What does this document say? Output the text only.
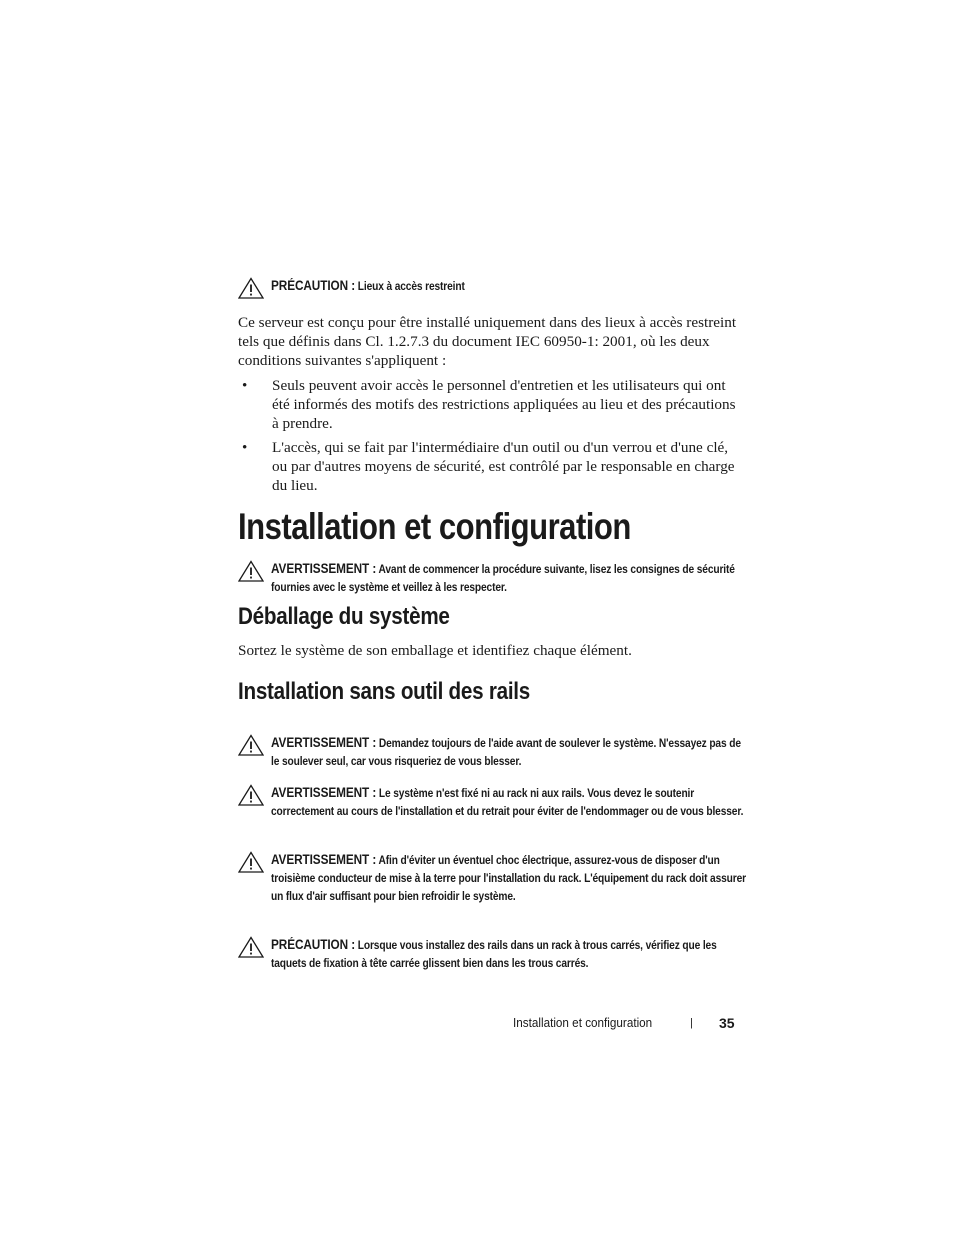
PRÉCAUTION : Lieux à accès restreint
Ce serveur est conçu pour être installé uniquement dans des lieux à accès restreint tels que définis dans Cl. 1.2.7.3 du document IEC 60950-1: 2001, où les deux conditions suivantes s'appliquent :
• Seuls peuvent avoir accès le personnel d'entretien et les utilisateurs qui ont été informés des motifs des restrictions appliquées au lieu et des précautions à prendre.
• L'accès, qui se fait par l'intermédiaire d'un outil ou d'un verrou et d'une clé, ou par d'autres moyens de sécurité, est contrôlé par le responsable en charge du lieu.
Installation et configuration
AVERTISSEMENT : Avant de commencer la procédure suivante, lisez les consignes de sécurité fournies avec le système et veillez à les respecter.
Déballage du système
Sortez le système de son emballage et identifiez chaque élément.
Installation sans outil des rails
AVERTISSEMENT : Demandez toujours de l'aide avant de soulever le système. N'essayez pas de le soulever seul, car vous risqueriez de vous blesser.
AVERTISSEMENT : Le système n'est fixé ni au rack ni aux rails. Vous devez le soutenir correctement au cours de l'installation et du retrait pour éviter de l'endommager ou de vous blesser.
AVERTISSEMENT : Afin d'éviter un éventuel choc électrique, assurez-vous de disposer d'un troisième conducteur de mise à la terre pour l'installation du rack. L'équipement du rack doit assurer un flux d'air suffisant pour bien refroidir le système.
PRÉCAUTION : Lorsque vous installez des rails dans un rack à trous carrés, vérifiez que les taquets de fixation à tête carrée glissent bien dans les trous carrés.
Installation et configuration	| 35
